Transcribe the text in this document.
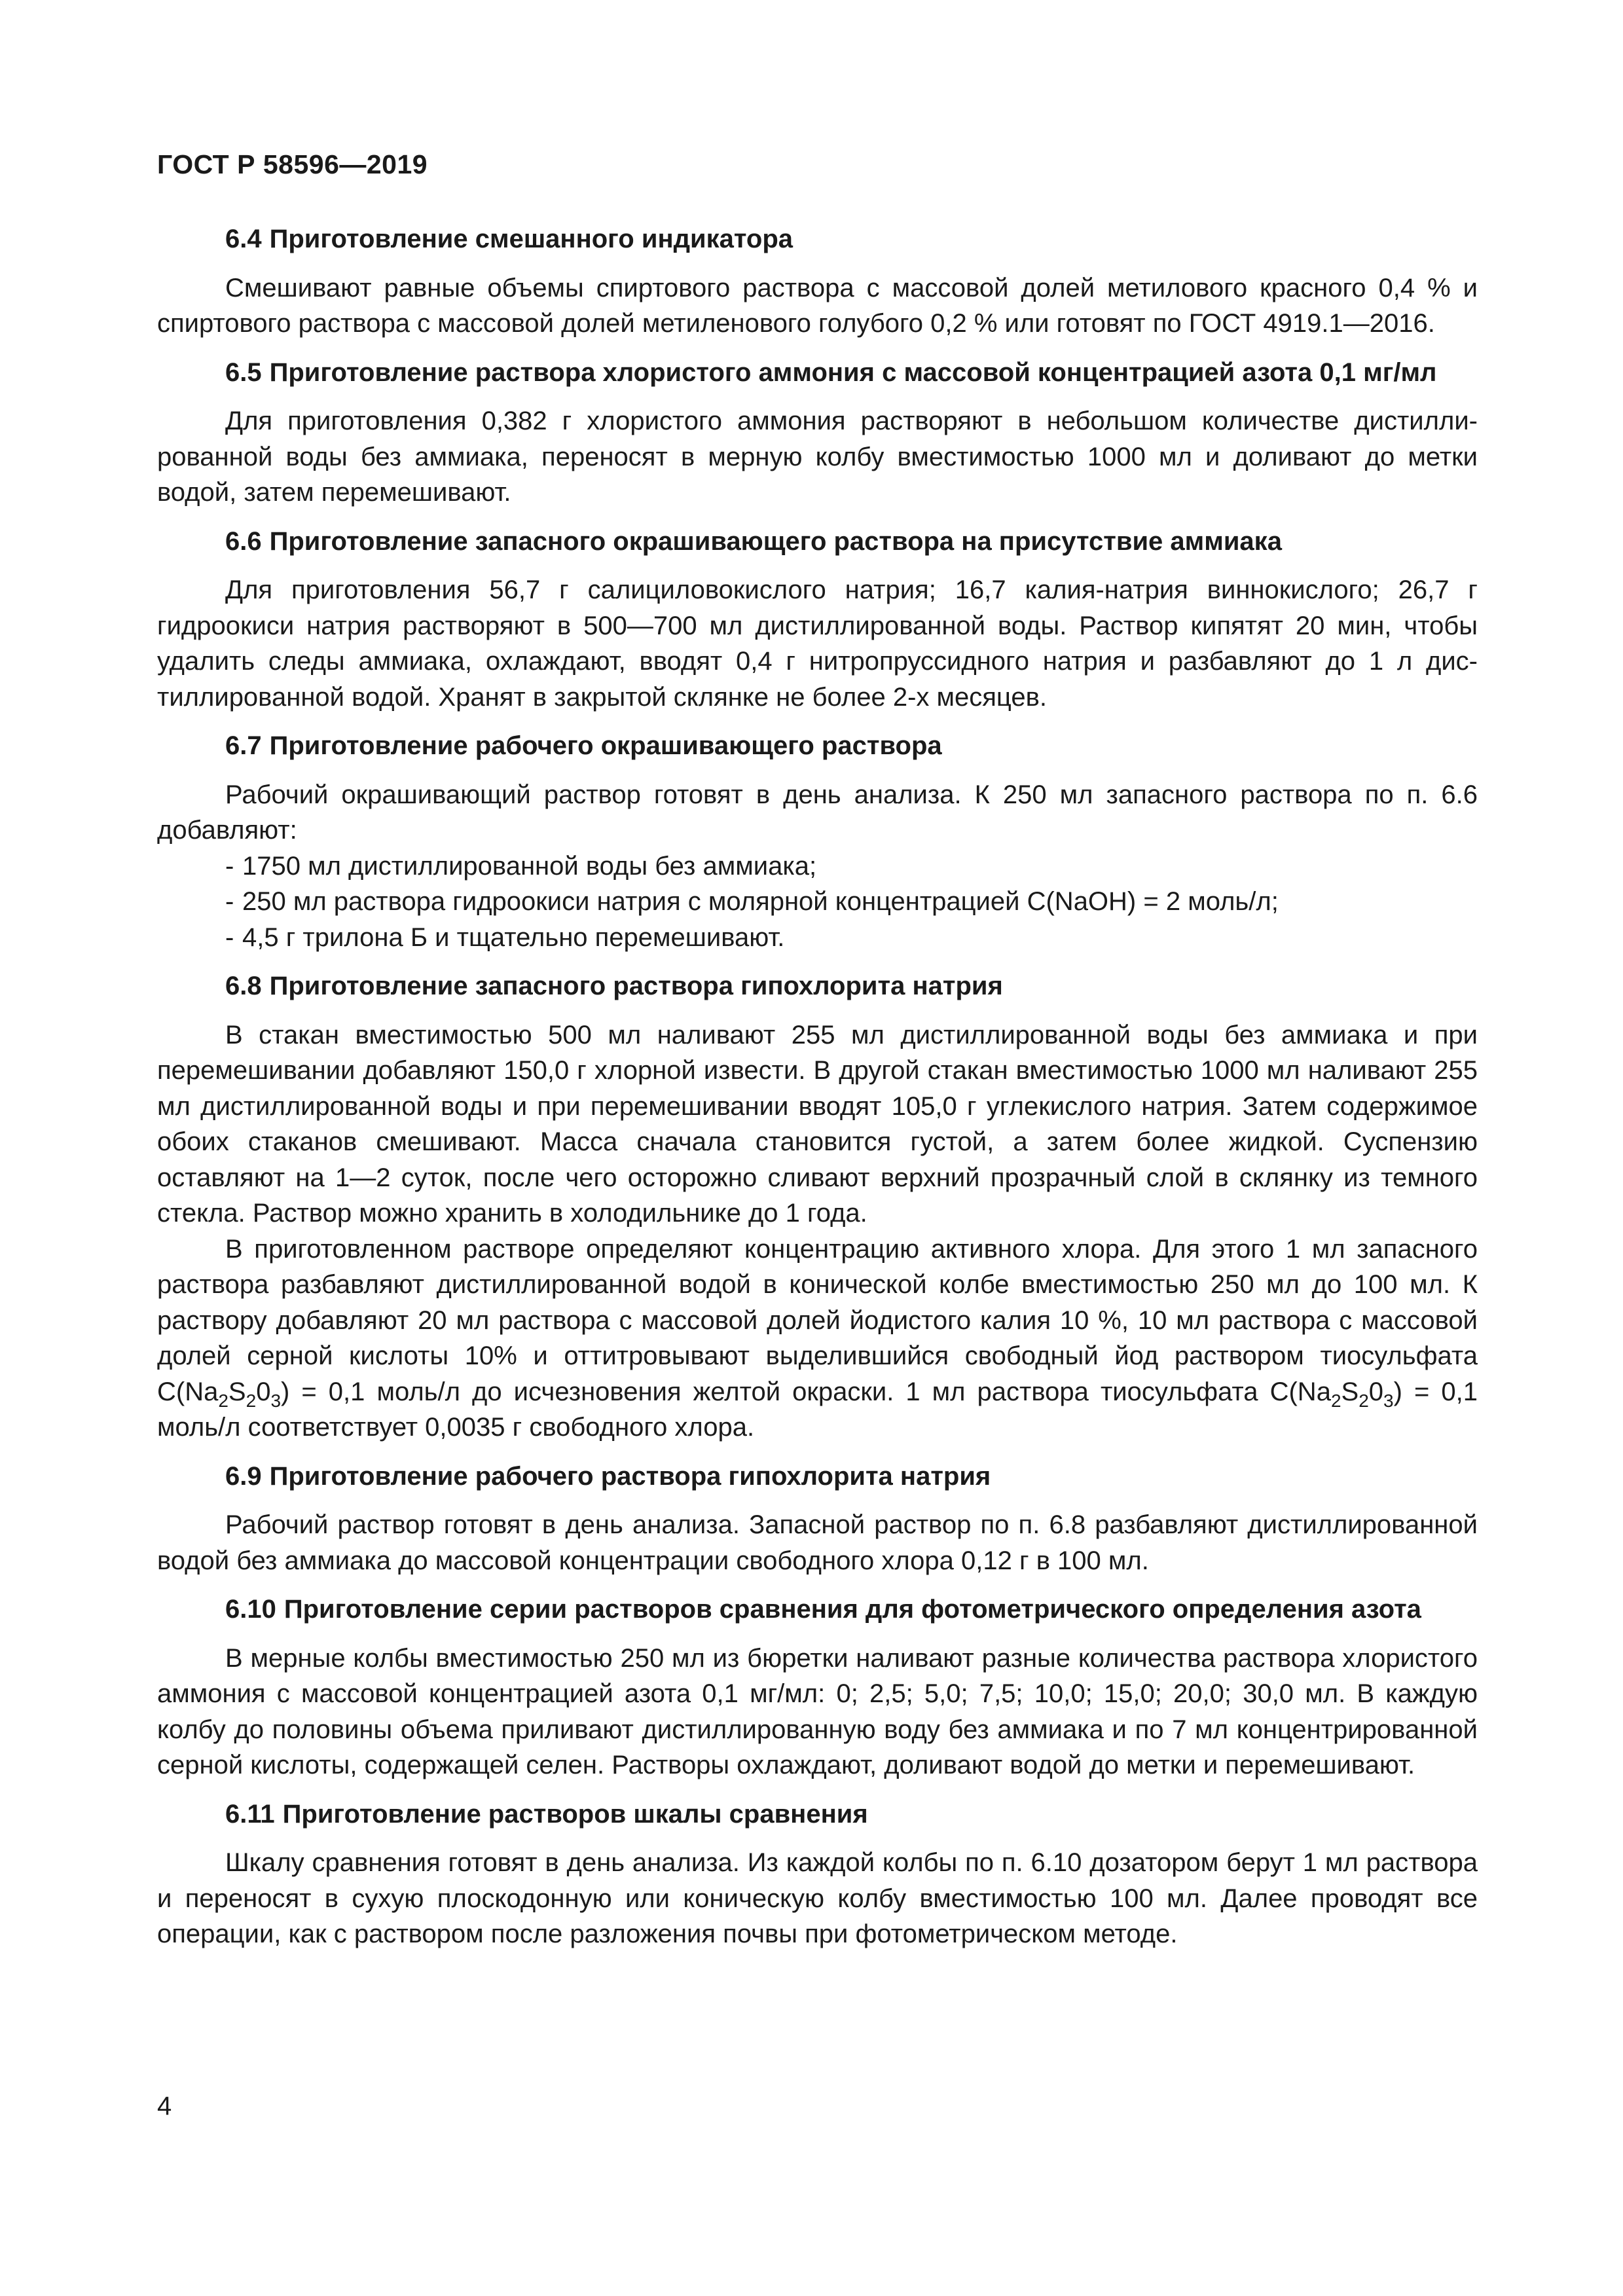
ГОСТ Р 58596—2019

6.4 Приготовление смешанного индикатора

Смешивают равные объемы спиртового раствора с массовой долей метилового красного 0,4 % и спиртового раствора с массовой долей метиленового голубого 0,2 % или готовят по ГОСТ 4919.1—2016.

6.5 Приготовление раствора хлористого аммония с массовой концентрацией азота 0,1 мг/мл

Для приготовления 0,382 г хлористого аммония растворяют в небольшом количестве дистиллированной воды без аммиака, переносят в мерную колбу вместимостью 1000 мл и доливают до метки водой, затем перемешивают.

6.6 Приготовление запасного окрашивающего раствора на присутствие аммиака

Для приготовления 56,7 г салициловокислого натрия; 16,7 калия-натрия виннокислого; 26,7 г гидроокиси натрия растворяют в 500—700 мл дистиллированной воды. Раствор кипятят 20 мин, чтобы удалить следы аммиака, охлаждают, вводят 0,4 г нитропруссидного натрия и разбавляют до 1 л дистиллированной водой. Хранят в закрытой склянке не более 2-х месяцев.

6.7 Приготовление рабочего окрашивающего раствора

Рабочий окрашивающий раствор готовят в день анализа. К 250 мл запасного раствора по п. 6.6 добавляют:

- 1750 мл дистиллированной воды без аммиака;
- 250 мл раствора гидроокиси натрия с молярной концентрацией C(NaOH) = 2 моль/л;
- 4,5 г трилона Б и тщательно перемешивают.

6.8 Приготовление запасного раствора гипохлорита натрия

В стакан вместимостью 500 мл наливают 255 мл дистиллированной воды без аммиака и при перемешивании добавляют 150,0 г хлорной извести. В другой стакан вместимостью 1000 мл наливают 255 мл дистиллированной воды и при перемешивании вводят 105,0 г углекислого натрия. Затем содержимое обоих стаканов смешивают. Масса сначала становится густой, а затем более жидкой. Суспензию оставляют на 1—2 суток, после чего осторожно сливают верхний прозрачный слой в склянку из темного стекла. Раствор можно хранить в холодильнике до 1 года.

В приготовленном растворе определяют концентрацию активного хлора. Для этого 1 мл запасного раствора разбавляют дистиллированной водой в конической колбе вместимостью 250 мл до 100 мл. К раствору добавляют 20 мл раствора с массовой долей йодистого калия 10 %, 10 мл раствора с массовой долей серной кислоты 10% и оттитровывают выделившийся свободный йод раствором тиосульфата $C(Na_2S_20_3) = 0,1$ моль/л до исчезновения желтой окраски. 1 мл раствора тиосульфата $C(Na_2S_20_3) = 0,1$ моль/л соответствует 0,0035 г свободного хлора.

6.9 Приготовление рабочего раствора гипохлорита натрия

Рабочий раствор готовят в день анализа. Запасной раствор по п. 6.8 разбавляют дистиллированной водой без аммиака до массовой концентрации свободного хлора 0,12 г в 100 мл.

6.10 Приготовление серии растворов сравнения для фотометрического определения азота

В мерные колбы вместимостью 250 мл из бюретки наливают разные количества раствора хлористого аммония с массовой концентрацией азота 0,1 мг/мл: 0; 2,5; 5,0; 7,5; 10,0; 15,0; 20,0; 30,0 мл. В каждую колбу до половины объема приливают дистиллированную воду без аммиака и по 7 мл концентрированной серной кислоты, содержащей селен. Растворы охлаждают, доливают водой до метки и перемешивают.

6.11 Приготовление растворов шкалы сравнения

Шкалу сравнения готовят в день анализа. Из каждой колбы по п. 6.10 дозатором берут 1 мл раствора и переносят в сухую плоскодонную или коническую колбу вместимостью 100 мл. Далее проводят все операции, как с раствором после разложения почвы при фотометрическом методе.

4
